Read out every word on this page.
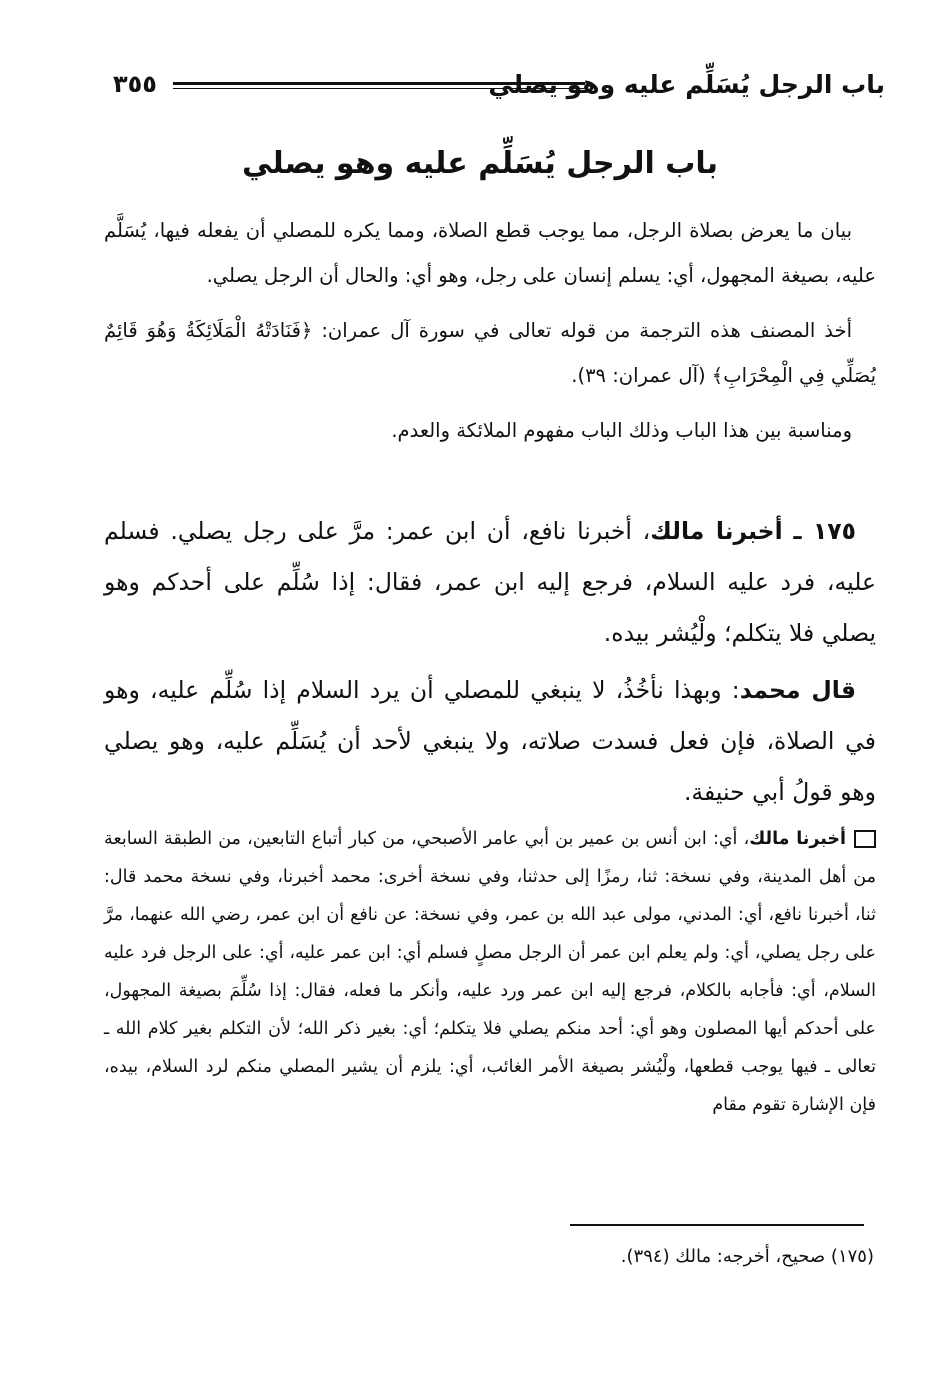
باب الرجل يُسَلِّم عليه وهو يصلي
٣٥٥
باب الرجل يُسَلِّم عليه وهو يصلي

بيان ما يعرض بصلاة الرجل، مما يوجب قطع الصلاة، ومما يكره للمصلي أن يفعله فيها، يُسَلَّم عليه، بصيغة المجهول، أي: يسلم إنسان على رجل، وهو أي: والحال أن الرجل يصلي.

أخذ المصنف هذه الترجمة من قوله تعالى في سورة آل عمران: ﴿فَنَادَتْهُ الْمَلَائِكَةُ وَهُوَ قَائِمٌ يُصَلِّي فِي الْمِحْرَابِ﴾ (آل عمران: ٣٩).

ومناسبة بين هذا الباب وذلك الباب مفهوم الملائكة والعدم.

١٧٥ ـ أخبرنا مالك، أخبرنا نافع، أن ابن عمر: مرَّ على رجل يصلي. فسلم عليه، فرد عليه السلام، فرجع إليه ابن عمر، فقال: إذا سُلِّم على أحدكم وهو يصلي فلا يتكلم؛ ولْيُشر بيده.

قال محمد: وبهذا نأخُذُ، لا ينبغي للمصلي أن يرد السلام إذا سُلِّم عليه، وهو في الصلاة، فإن فعل فسدت صلاته، ولا ينبغي لأحد أن يُسَلِّم عليه، وهو يصلي وهو قولُ أبي حنيفة.

أخبرنا مالك، أي: ابن أنس بن عمير بن أبي عامر الأصبحي، من كبار أتباع التابعين، من الطبقة السابعة من أهل المدينة، وفي نسخة: ثنا، رمزًا إلى حدثنا، وفي نسخة أخرى: محمد أخبرنا، وفي نسخة محمد قال: ثنا، أخبرنا نافع، أي: المدني، مولى عبد الله بن عمر، وفي نسخة: عن نافع أن ابن عمر، رضي الله عنهما، مرَّ على رجل يصلي، أي: ولم يعلم ابن عمر أن الرجل مصلٍ فسلم أي: ابن عمر عليه، أي: على الرجل فرد عليه السلام، أي: فأجابه بالكلام، فرجع إليه ابن عمر ورد عليه، وأنكر ما فعله، فقال: إذا سُلِّمَ بصيغة المجهول، على أحدكم أيها المصلون وهو أي: أحد منكم يصلي فلا يتكلم؛ أي: بغير ذكر الله؛ لأن التكلم بغير كلام الله ـ تعالى ـ فيها يوجب قطعها، ولْيُشر بصيغة الأمر الغائب، أي: يلزم أن يشير المصلي منكم لرد السلام، بيده، فإن الإشارة تقوم مقام

(١٧٥) صحيح، أخرجه: مالك (٣٩٤).
